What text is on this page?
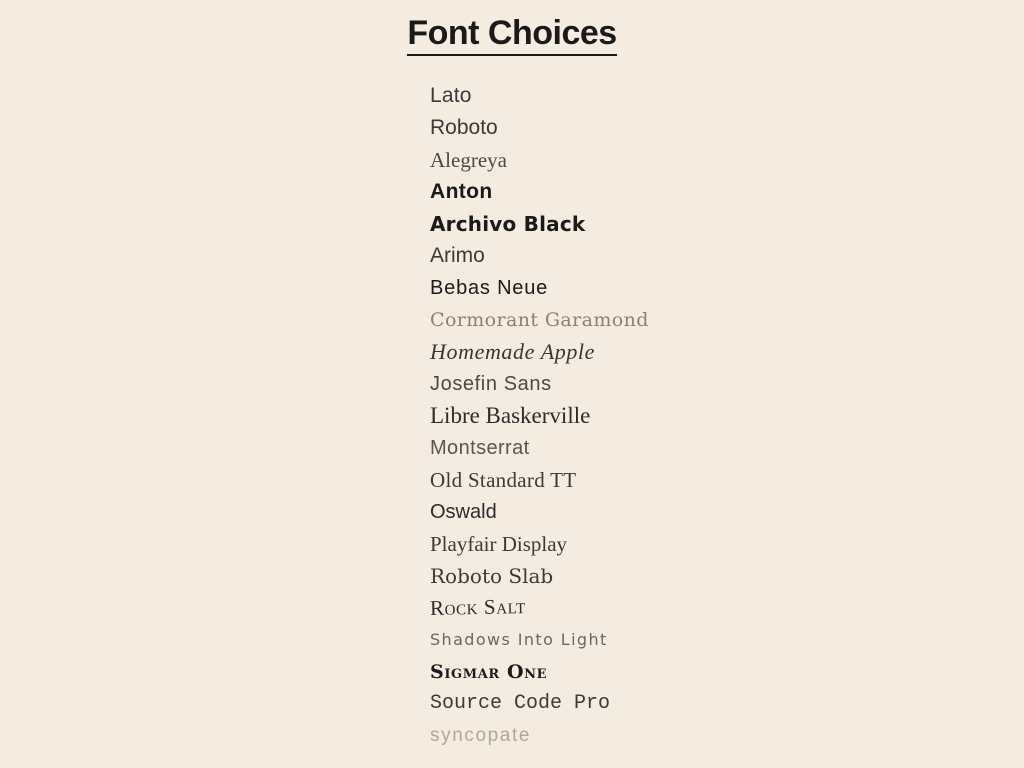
Font Choices
Lato
Roboto
Alegreya
Anton
Archivo Black
Arimo
Bebas Neue
Cormorant Garamond
Homemade Apple
Josefin Sans
Libre Baskerville
Montserrat
Old Standard TT
Oswald
Playfair Display
Roboto Slab
Rock Salt
Shadows Into Light
Sigmar One
Source Code Pro
syncopate
